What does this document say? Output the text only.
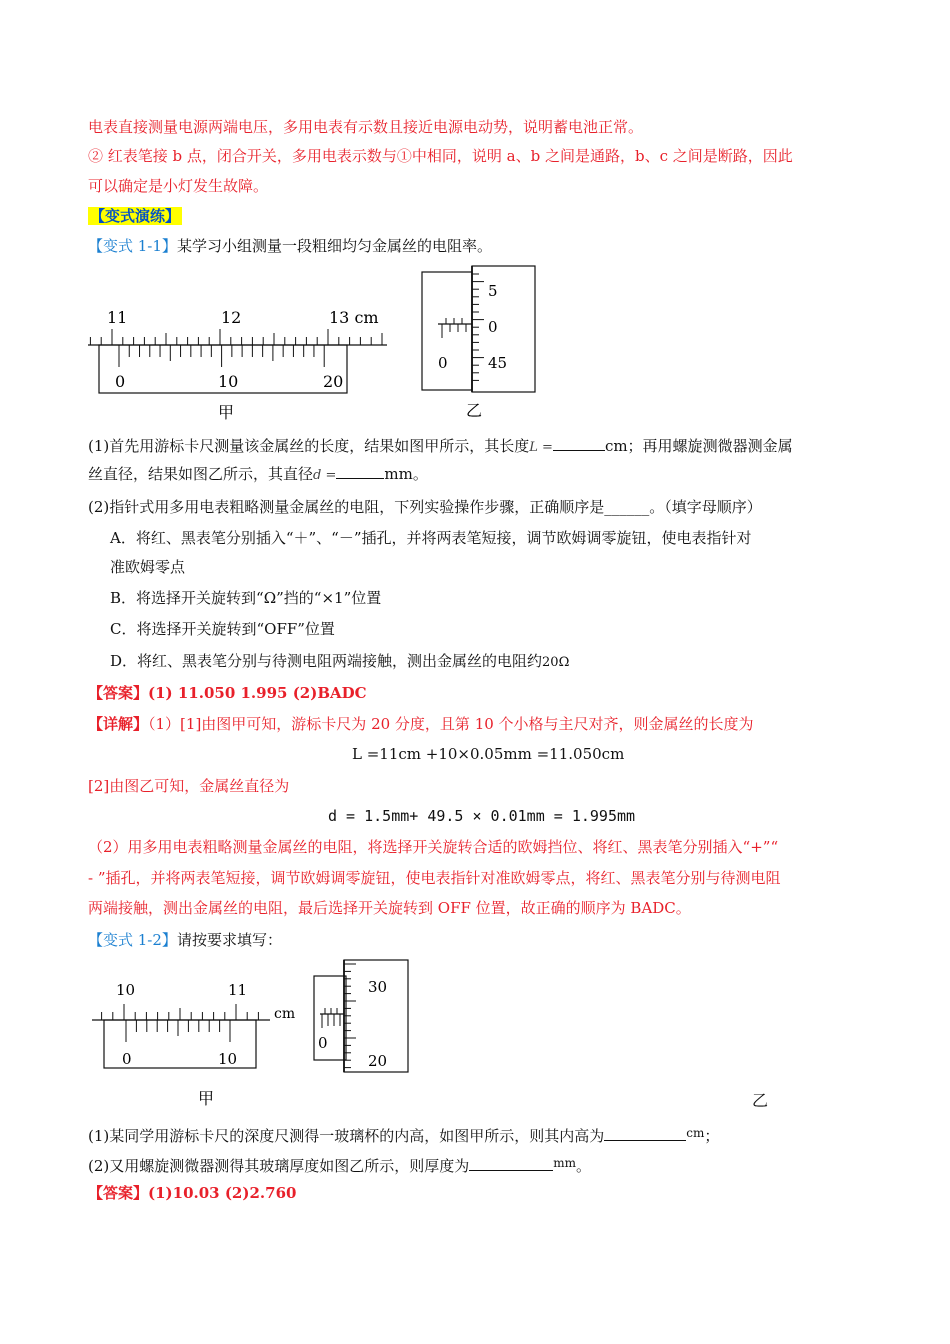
电表直接测量电源两端电压，多用电表有示数且接近电源电动势，说明蓄电池正常。
② 红表笔接 b 点，闭合开关，多用电表示数与①中相同，说明 a、b 之间是通路，b、c 之间是断路，因此
可以确定是小灯发生故障。
【变式演练】
【变式 1-1】某学习小组测量一段粗细均匀金属丝的电阻率。
11	12	13 cm
0	10	20
甲
5
0
45
0
乙
(1)首先用游标卡尺测量该金属丝的长度，结果如图甲所示，其长度L =	cm；再用螺旋测微器测金属
丝直径，结果如图乙所示，其直径d =	mm。
(2)指针式用多用电表粗略测量金属丝的电阻，下列实验操作步骤，正确顺序是______。（填字母顺序）
A．将红、黑表笔分别插入“＋”、“－”插孔，并将两表笔短接，调节欧姆调零旋钮，使电表指针对
准欧姆零点
B．将选择开关旋转到“Ω”挡的“×1”位置
C．将选择开关旋转到“OFF”位置
D．将红、黑表笔分别与待测电阻两端接触，测出金属丝的电阻约20Ω
【答案】(1) 11.050 1.995 (2)BADC
【详解】（1）[1]由图甲可知，游标卡尺为 20 分度，且第 10 个小格与主尺对齐，则金属丝的长度为
L =11cm +10×0.05mm =11.050cm
[2]由图乙可知，金属丝直径为
d = 1.5mm+ 49.5 × 0.01mm = 1.995mm
（2）用多用电表粗略测量金属丝的电阻，将选择开关旋转合适的欧姆挡位、将红、黑表笔分别插入“+”“
- ”插孔，并将两表笔短接，调节欧姆调零旋钮，使电表指针对准欧姆零点，将红、黑表笔分别与待测电阻
两端接触，测出金属丝的电阻，最后选择开关旋转到 OFF 位置，故正确的顺序为 BADC。
【变式 1-2】请按要求填写：
10	11
cm
0	10
甲
30
20
0
乙
(1)某同学用游标卡尺的深度尺测得一玻璃杯的内高，如图甲所示，则其内高为	$^{cm}$；
(2)又用螺旋测微器测得其玻璃厚度如图乙所示，则厚度为	$^{mm}$。
【答案】(1)10.03 (2)2.760
